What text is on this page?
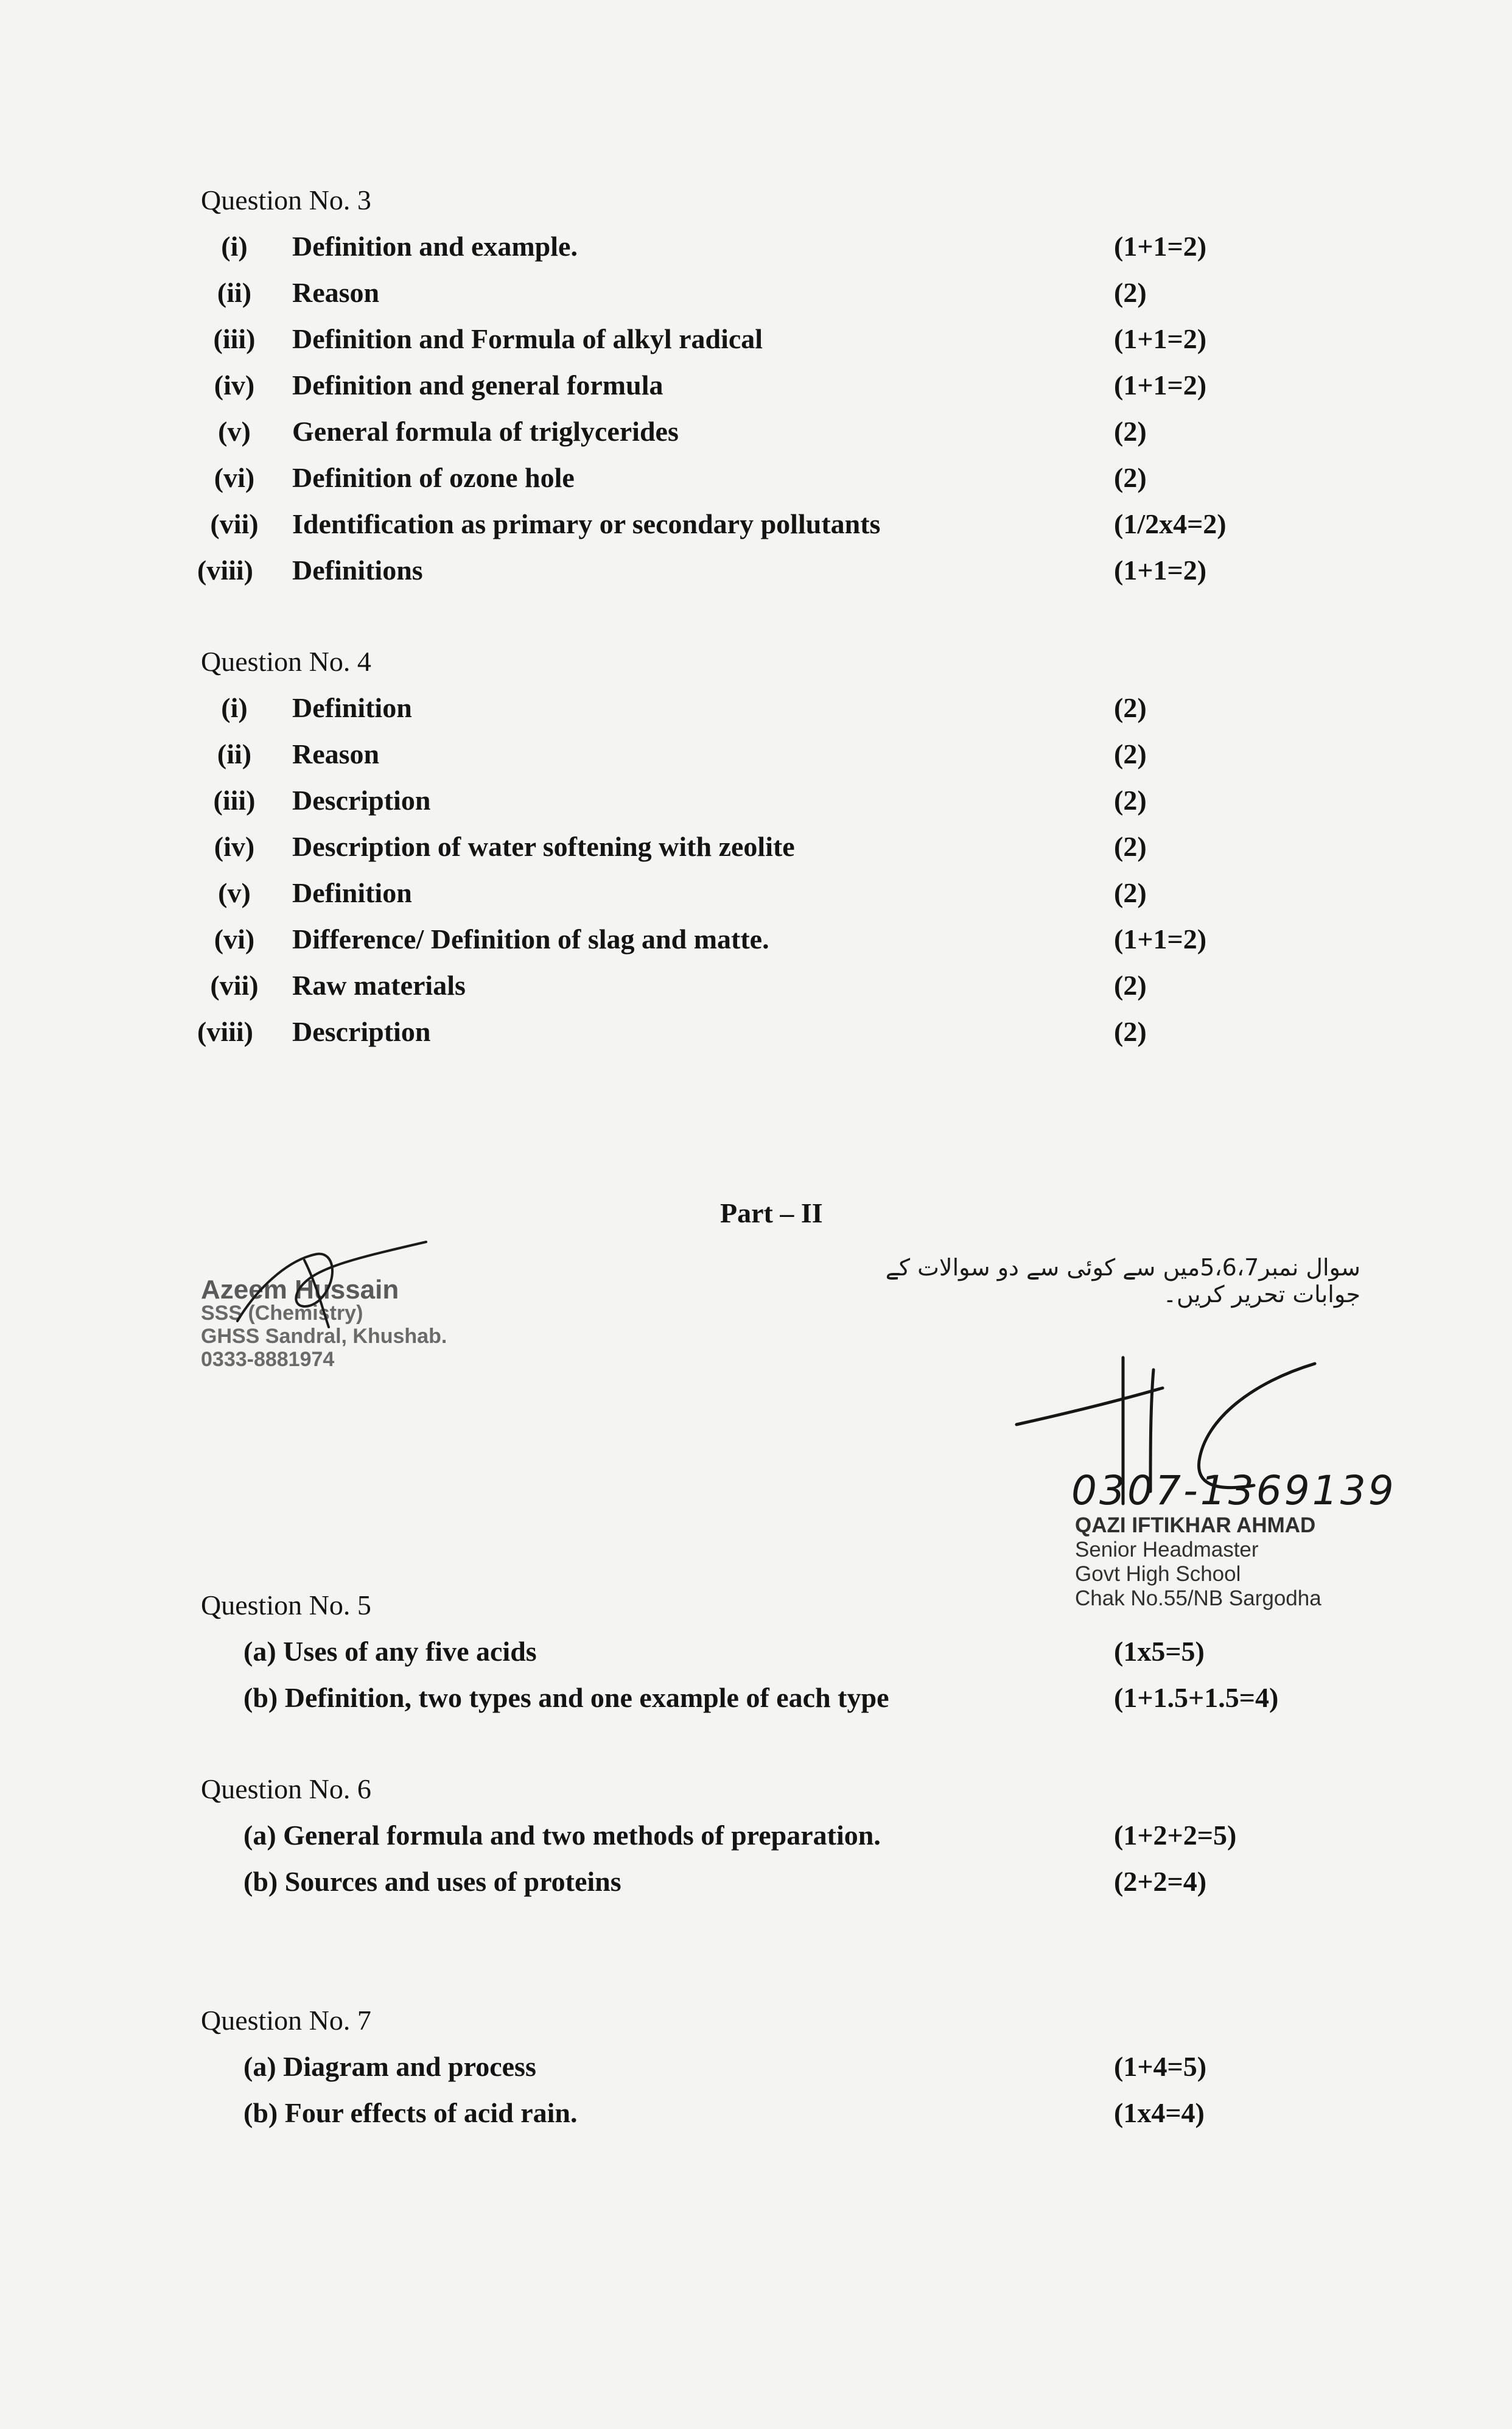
Question No. 3
(i)	Definition and example.	(1+1=2)
(ii)	Reason	(2)
(iii)	Definition and Formula of alkyl radical	(1+1=2)
(iv)	Definition and general formula	(1+1=2)
(v)	General formula of triglycerides	(2)
(vi)	Definition of ozone hole	(2)
(vii)	Identification as primary or secondary pollutants	(1/2x4=2)
(viii)	Definitions	(1+1=2)
Question No. 4
(i)	Definition	(2)
(ii)	Reason	(2)
(iii)	Description	(2)
(iv)	Description of water softening with zeolite	(2)
(v)	Definition	(2)
(vi)	Difference/ Definition of slag and matte.	(1+1=2)
(vii)	Raw materials	(2)
(viii)	Description	(2)
Part – II
سوال نمبر5،6،7میں سے کوئی سے دو سوالات کے جوابات تحریر کریں۔
Azeem Hussain
SSS (Chemistry)
GHSS Sandral, Khushab.
0333-8881974
0307-1369139
QAZI IFTIKHAR AHMAD
Senior Headmaster
Govt High School
Chak No.55/NB Sargodha
Question No. 5
(a) Uses of any five acids	(1x5=5)
(b) Definition, two types and one example of each type	(1+1.5+1.5=4)
Question No. 6
(a) General formula and two methods of preparation.	(1+2+2=5)
(b) Sources and uses of proteins	(2+2=4)
Question No. 7
(a) Diagram and process	(1+4=5)
(b) Four effects of acid rain.	(1x4=4)
